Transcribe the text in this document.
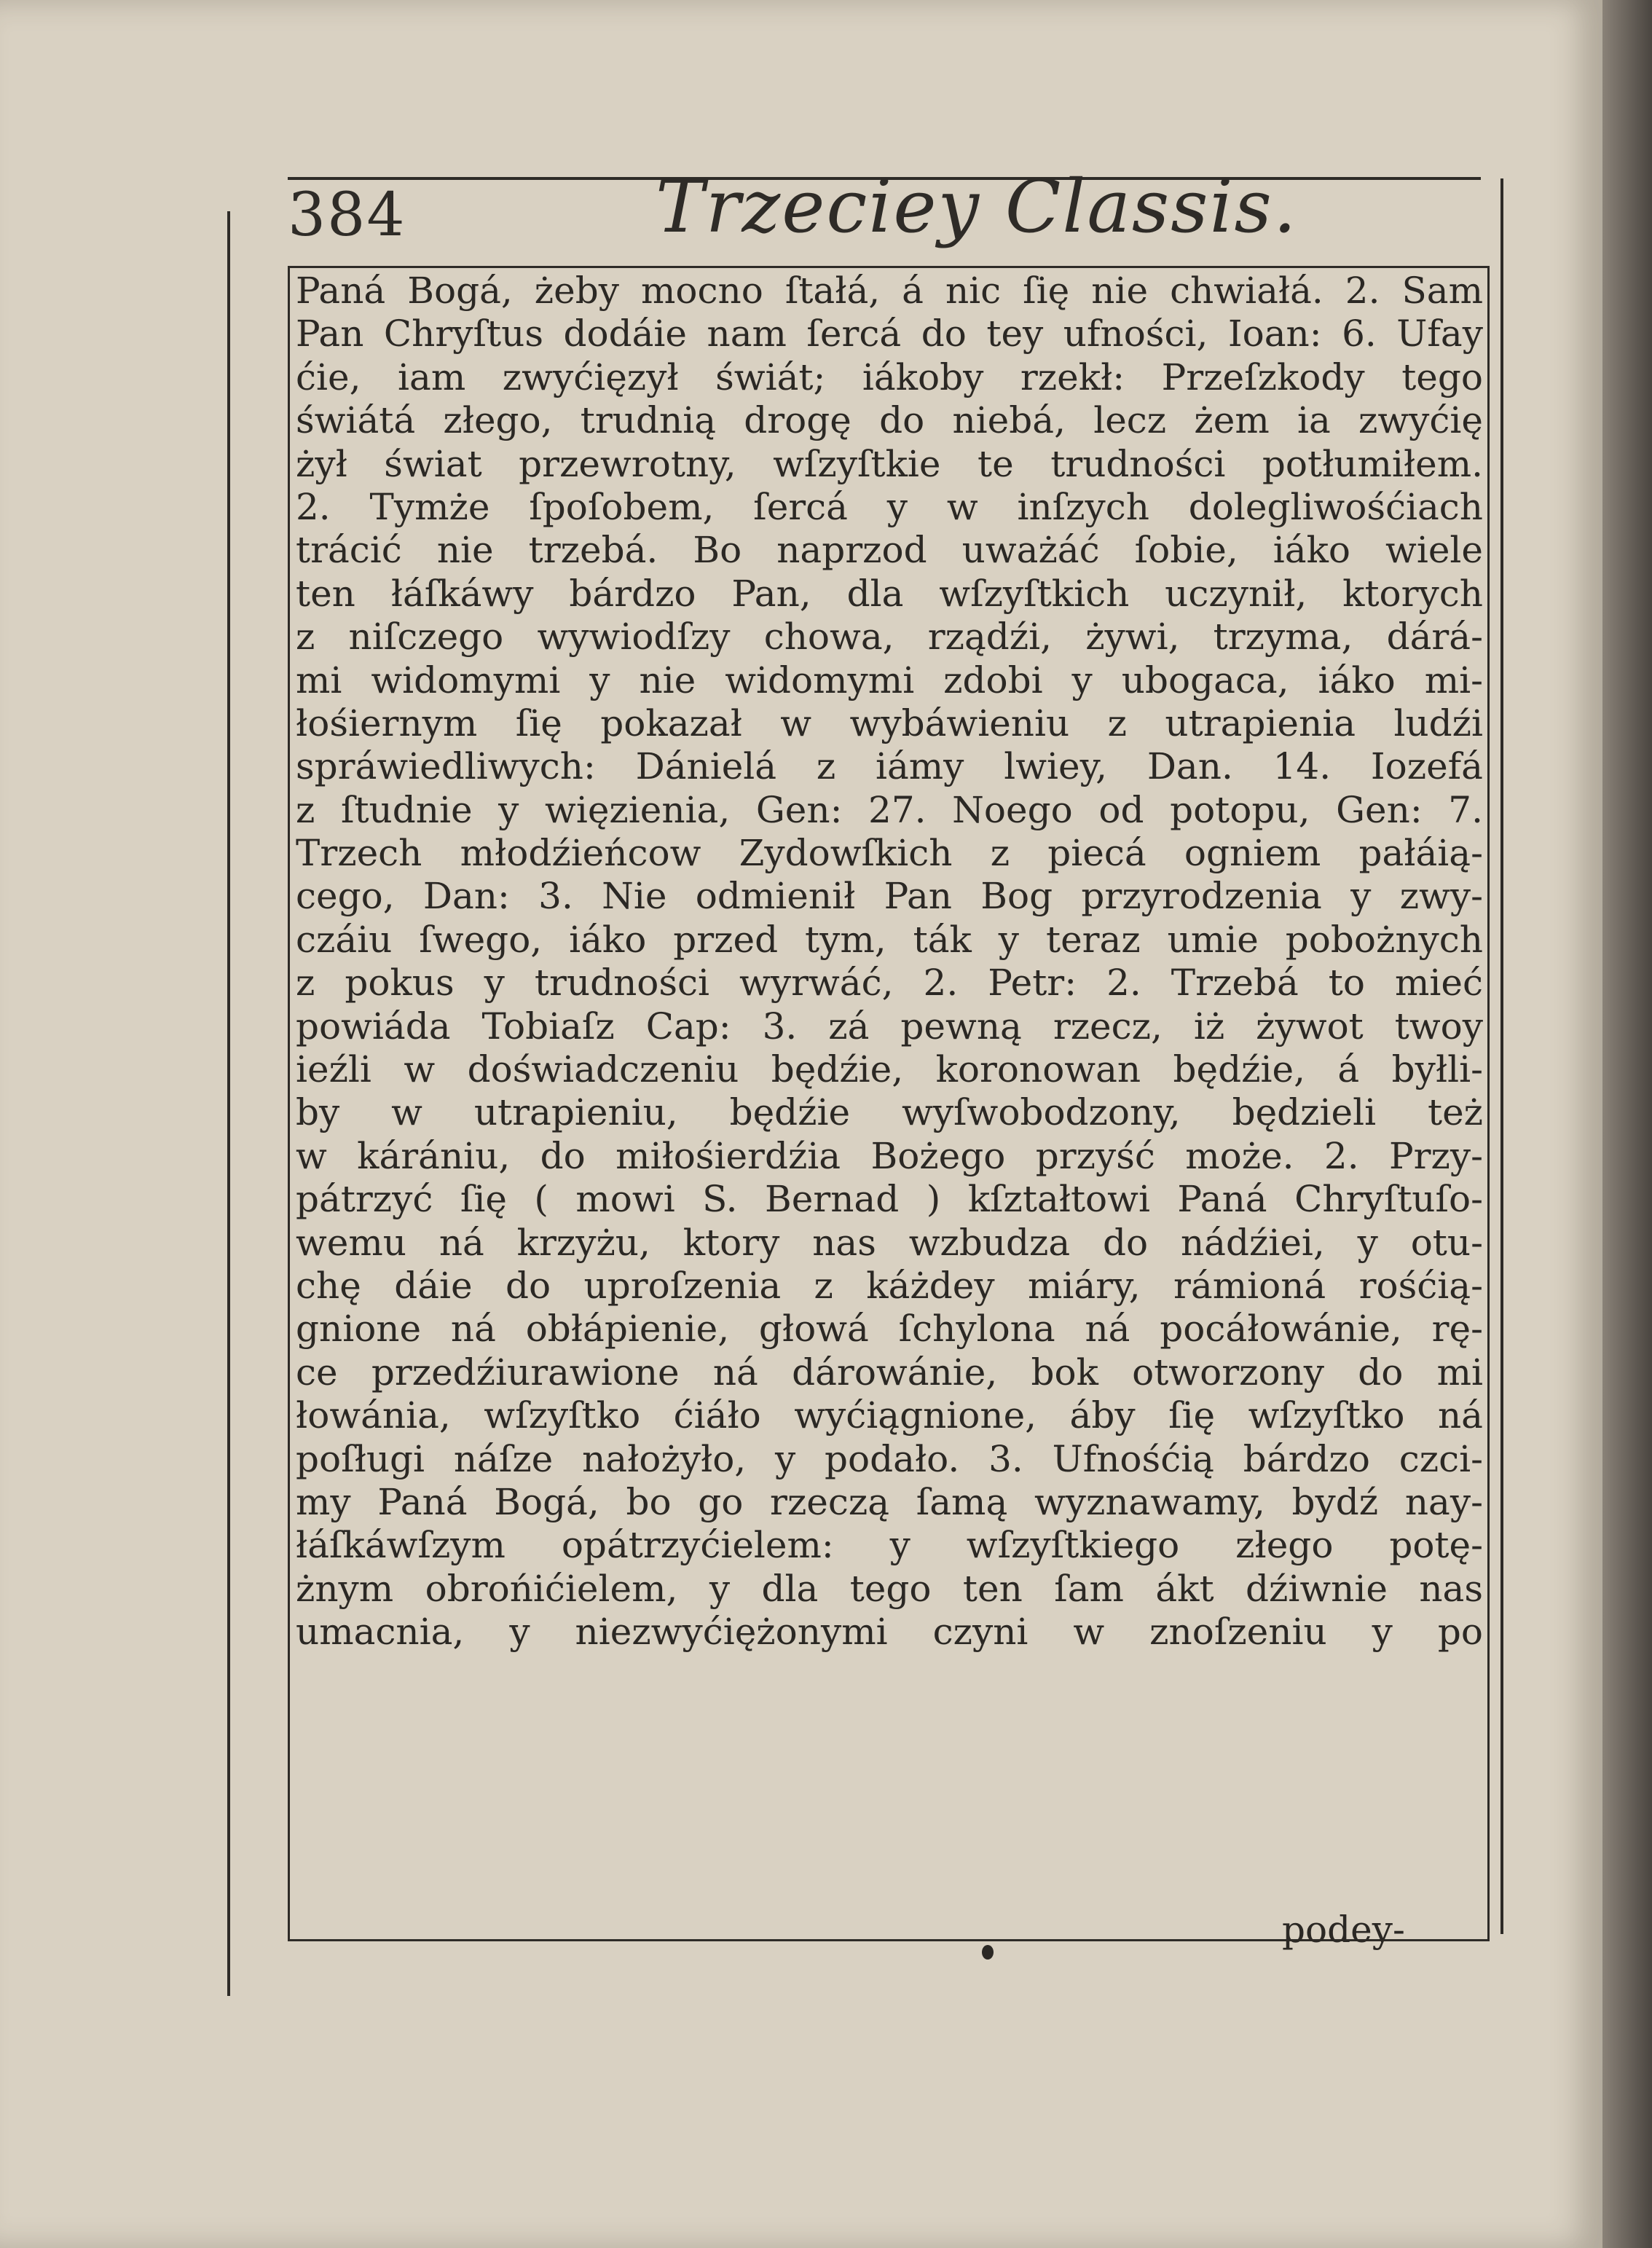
384	Trzeciey Classis.
Paná Bogá, żeby mocno ſtałá, á nic ſię nie chwiałá. 2. Sam
Pan Chryſtus dodáie nam ſercá do tey ufności, Ioan: 6. Ufay
ćie, iam zwyćięzył świát; iákoby rzekł: Przeſzkody tego
świátá złego, trudnią drogę do niebá, lecz żem ia zwyćię
żył świat przewrotny, wſzyſtkie te trudności potłumiłem.
2. Tymże ſpoſobem, ſercá y w inſzych dolegliwośćiach
trácić nie trzebá. Bo naprzod uważáć ſobie, iáko wiele
ten łáſkáwy bárdzo Pan, dla wſzyſtkich uczynił, ktorych
z niſczego wywiodſzy chowa, rządźi, żywi, trzyma, dárá-
mi widomymi y nie widomymi zdobi y ubogaca, iáko mi-
łośiernym ſię pokazał w wybáwieniu z utrapienia ludźi
spráwiedliwych: Dánielá z iámy lwiey, Dan. 14. Iozefá
z ſtudnie y więzienia, Gen: 27. Noego od potopu, Gen: 7.
Trzech młodźieńcow Zydowſkich z piecá ogniem pałáią-
cego, Dan: 3. Nie odmienił Pan Bog przyrodzenia y zwy-
czáiu ſwego, iáko przed tym, ták y teraz umie pobożnych
z pokus y trudności wyrwáć, 2. Petr: 2. Trzebá to mieć
powiáda Tobiaſz Cap: 3. zá pewną rzecz, iż żywot twoy
ieźli w doświadczeniu będźie, koronowan będźie, á byłli-
by w utrapieniu, będźie wyſwobodzony, będzieli też
w kárániu, do miłośierdźia Bożego przyść może. 2. Przy-
pátrzyć ſię ( mowi S. Bernad ) kſztałtowi Paná Chryſtuſo-
wemu ná krzyżu, ktory nas wzbudza do nádźiei, y otu-
chę dáie do uproſzenia z káżdey miáry, rámioná rośćią-
gnione ná obłápienie, głowá ſchylona ná pocáłowánie, rę-
ce przedźiurawione ná dárowánie, bok otworzony do mi
łowánia, wſzyſtko ćiáło wyćiągnione, áby ſię wſzyſtko ná
poſługi náſze nałożyło, y podało. 3. Ufnośćią bárdzo czci-
my Paná Bogá, bo go rzeczą ſamą wyznawamy, bydź nay-
łáſkáwſzym opátrzyćielem: y wſzyſtkiego złego potę-
żnym obrońićielem, y dla tego ten ſam ákt dźiwnie nas
umacnia, y niezwyćiężonymi czyni w znoſzeniu y po
podey-
